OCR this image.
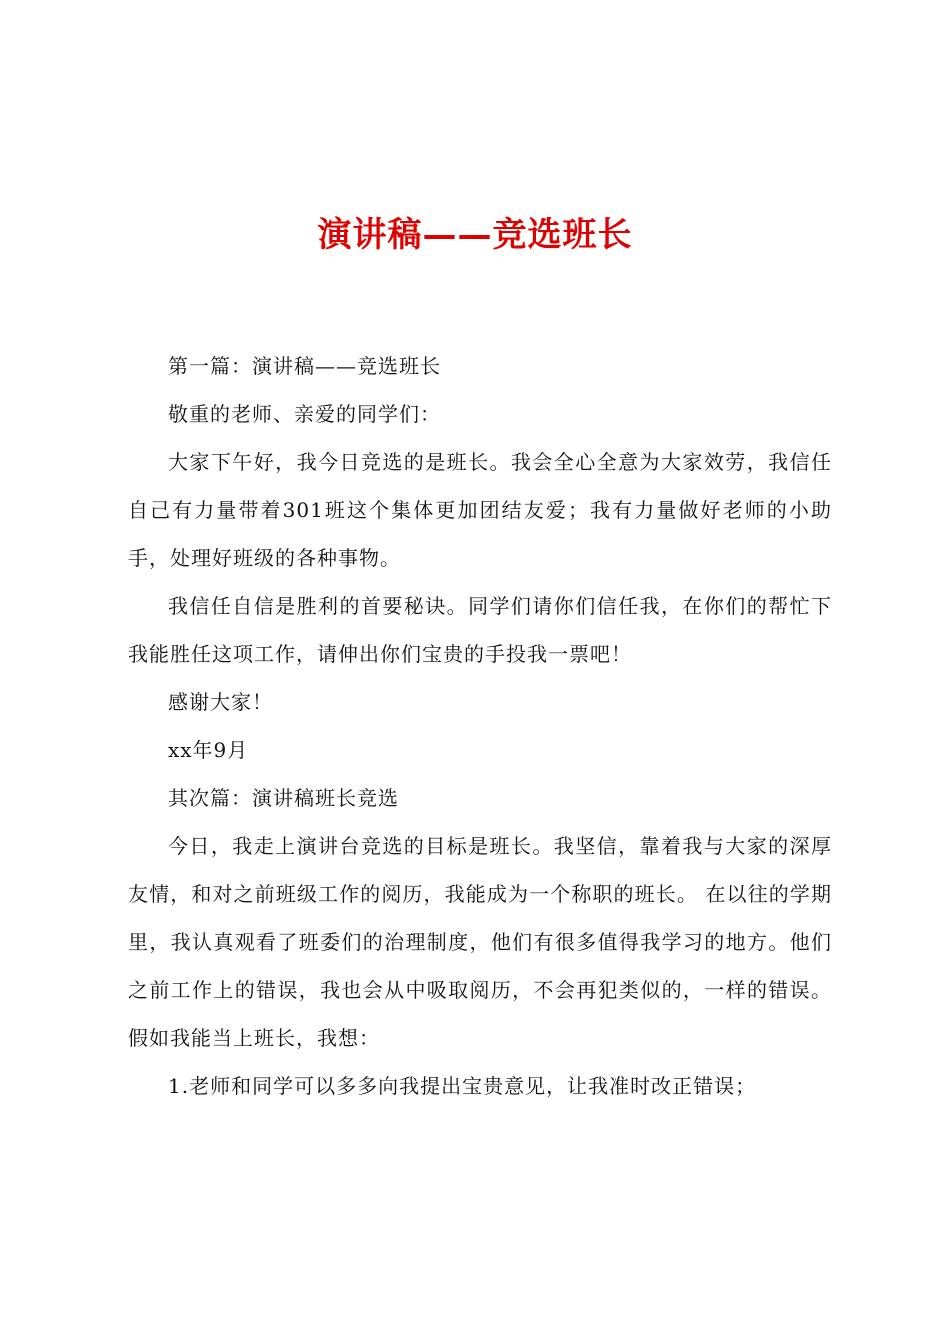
演讲稿——竞选班长

第一篇：演讲稿——竞选班长

敬重的老师、亲爱的同学们：

大家下午好，我今日竞选的是班长。我会全心全意为大家效劳，我信任自己有力量带着301班这个集体更加团结友爱；我有力量做好老师的小助手，处理好班级的各种事物。

我信任自信是胜利的首要秘诀。同学们请你们信任我，在你们的帮忙下我能胜任这项工作，请伸出你们宝贵的手投我一票吧！

感谢大家！

xx年9月

其次篇：演讲稿班长竞选

今日，我走上演讲台竞选的目标是班长。我坚信，靠着我与大家的深厚友情，和对之前班级工作的阅历，我能成为一个称职的班长。 在以往的学期里，我认真观看了班委们的治理制度，他们有很多值得我学习的地方。他们之前工作上的错误，我也会从中吸取阅历，不会再犯类似的，一样的错误。假如我能当上班长，我想：

1.老师和同学可以多多向我提出宝贵意见，让我准时改正错误；
